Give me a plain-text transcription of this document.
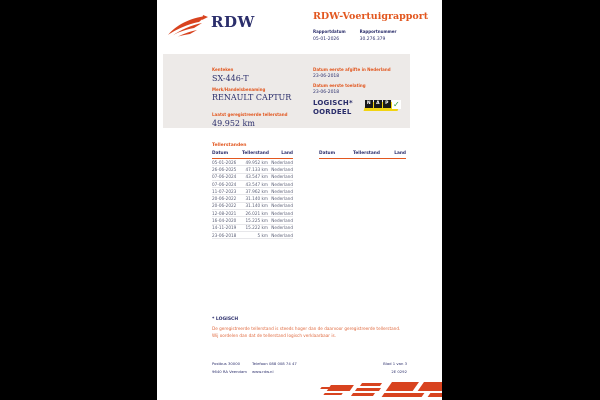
RDW	RDW-Voertuigrapport
Rapportdatum
05-01-2026
Rapportnummer
30.276.379
Kenteken
SX-446-T
Merk/Handelsbenaming
RENAULT CAPTUR
Laatst geregistreerde tellerstand
49.952 km
Datum eerste afgifte in Nederland
23-06-2018
Datum eerste toelating
23-06-2018
LOGISCH*
OORDEEL
N	A	P ✓
Tellerstanden
Datum	Tellerstand	Land
05-01-2026	49.952 km Nederland
26-06-2025	47.133 km Nederland
07-06-2024	43.547 km Nederland
07-06-2024	43.547 km Nederland
11-07-2023	37.962 km Nederland
20-06-2022	31.140 km Nederland
20-06-2022	31.140 km Nederland
12-08-2021	26.021 km Nederland
16-04-2020	15.225 km Nederland
14-11-2019	15.222 km Nederland
23-06-2018	5 km Nederland
Datum	Tellerstand	Land
* LOGISCH
De geregistreerde tellerstand is steeds hoger dan de daarvoor geregistreerde tellerstand. Wij oordelen dan dat de tellerstand logisch verklaarbaar is.
Postbus 30000
9640 RA Veendam
Telefoon 088 008 74 47
www.rdw.nl
Blad 1 van 3
2E 0292
